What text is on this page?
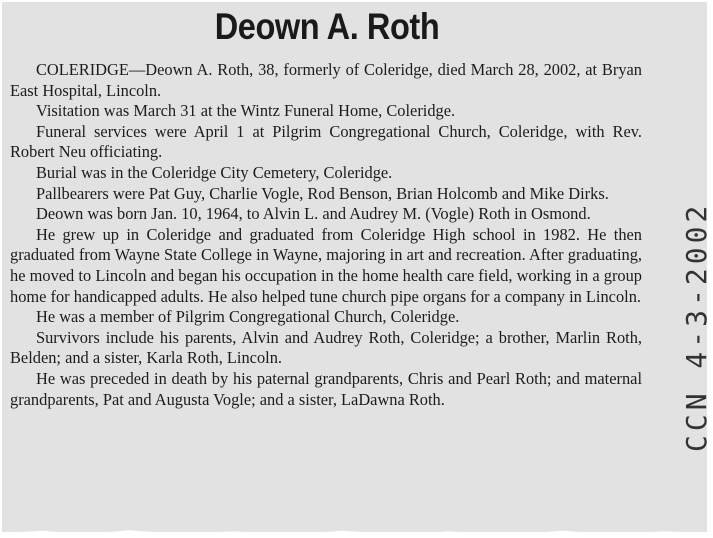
Deown A. Roth

COLERIDGE—Deown A. Roth, 38, formerly of Coleridge, died March 28, 2002, at Bryan East Hospital, Lincoln.

Visitation was March 31 at the Wintz Funeral Home, Coleridge.

Funeral services were April 1 at Pilgrim Congregational Church, Coleridge, with Rev. Robert Neu officiating.

Burial was in the Coleridge City Cemetery, Coleridge.

Pallbearers were Pat Guy, Charlie Vogle, Rod Benson, Brian Holcomb and Mike Dirks.

Deown was born Jan. 10, 1964, to Alvin L. and Audrey M. (Vogle) Roth in Osmond.

He grew up in Coleridge and graduated from Coleridge High school in 1982. He then graduated from Wayne State College in Wayne, majoring in art and recreation. After graduating, he moved to Lincoln and began his occupation in the home health care field, working in a group home for handicapped adults. He also helped tune church pipe organs for a company in Lincoln.

He was a member of Pilgrim Congregational Church, Coleridge.

Survivors include his parents, Alvin and Audrey Roth, Coleridge; a brother, Marlin Roth, Belden; and a sister, Karla Roth, Lincoln.

He was preceded in death by his paternal grandparents, Chris and Pearl Roth; and maternal grandparents, Pat and Augusta Vogle; and a sister, LaDawna Roth.	CCN 4-3-2002
